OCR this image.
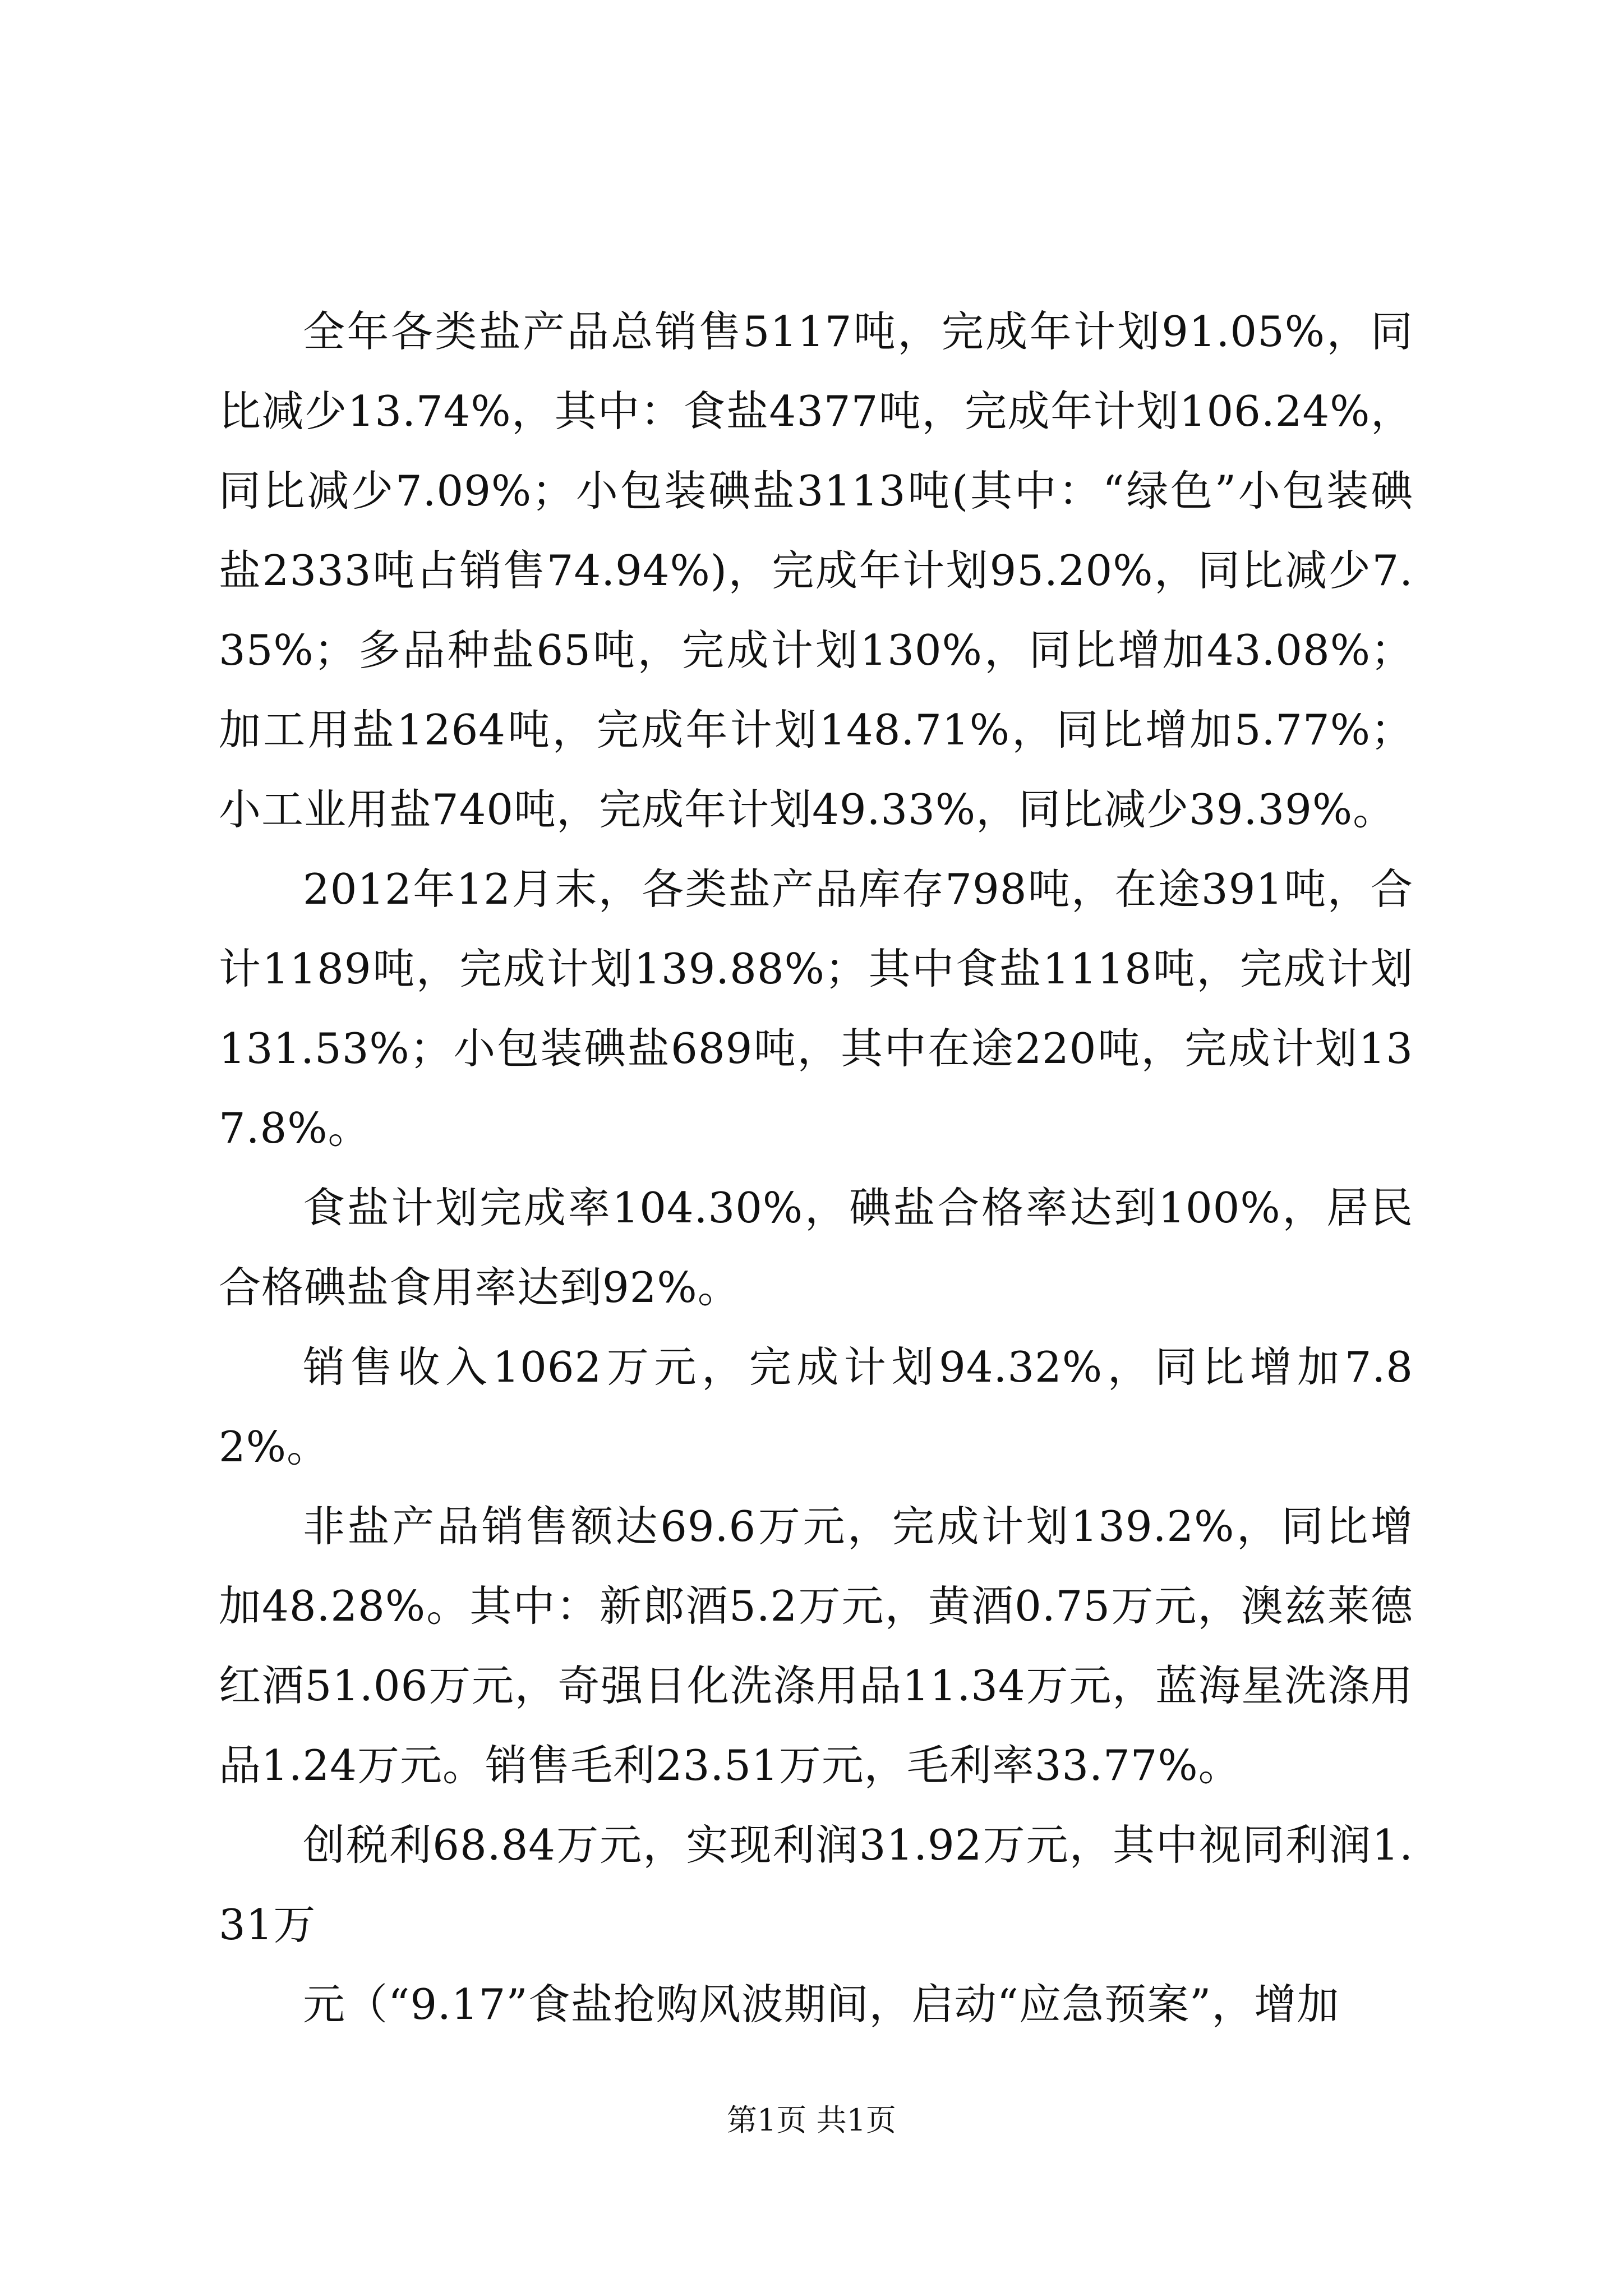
全年各类盐产品总销售5117吨，完成年计划91.05%，同比减少13.74%，其中：食盐4377吨，完成年计划106.24%，同比减少7.09%；小包装碘盐3113吨(其中：“绿色”小包装碘盐2333吨占销售74.94%)，完成年计划95.20%，同比减少7.35%；多品种盐65吨，完成计划130%，同比增加43.08%；加工用盐1264吨，完成年计划148.71%，同比增加5.77%；小工业用盐740吨，完成年计划49.33%，同比减少39.39%。

2012年12月末，各类盐产品库存798吨，在途391吨，合计1189吨，完成计划139.88%；其中食盐1118吨，完成计划131.53%；小包装碘盐689吨，其中在途220吨，完成计划137.8%。

食盐计划完成率104.30%，碘盐合格率达到100%，居民合格碘盐食用率达到92%。

销售收入1062万元，完成计划94.32%，同比增加7.82%。

非盐产品销售额达69.6万元，完成计划139.2%，同比增加48.28%。其中：新郎酒5.2万元，黄酒0.75万元，澳兹莱德红酒51.06万元，奇强日化洗涤用品11.34万元，蓝海星洗涤用品1.24万元。销售毛利23.51万元，毛利率33.77%。

创税利68.84万元，实现利润31.92万元，其中视同利润1.31万

元（“9.17”食盐抢购风波期间，启动“应急预案”，增加

第1页 共1页
